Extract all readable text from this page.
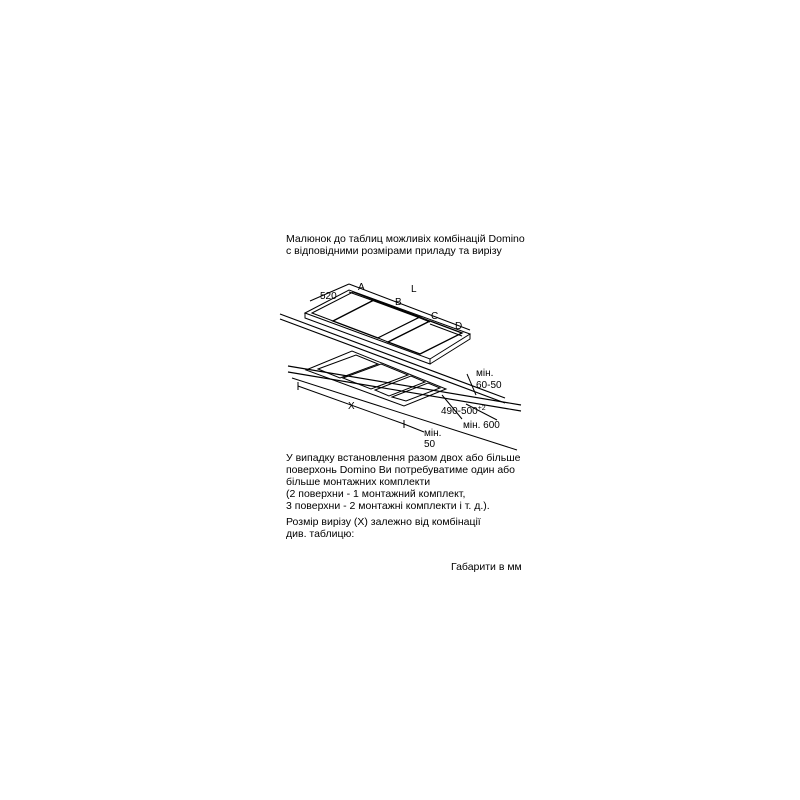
Малюнок до таблиц можливіх комбінацій Domino
с відповідними розмірами приладу та вирізу
520
A	L
B
C
D
мін.
60-50
X	$490-500^{+2}$
мін. 600
мін.
50
У випадку встановлення разом двох або більше
поверхонь Domino Ви потребуватиме один або
більше монтажних комплекти
(2 поверхни - 1 монтажний комплект,
3 поверхни - 2 монтажні комплекти і т. д.).
Розмір вирізу (X) залежно від комбінації
див. таблицю:
Габарити в мм
